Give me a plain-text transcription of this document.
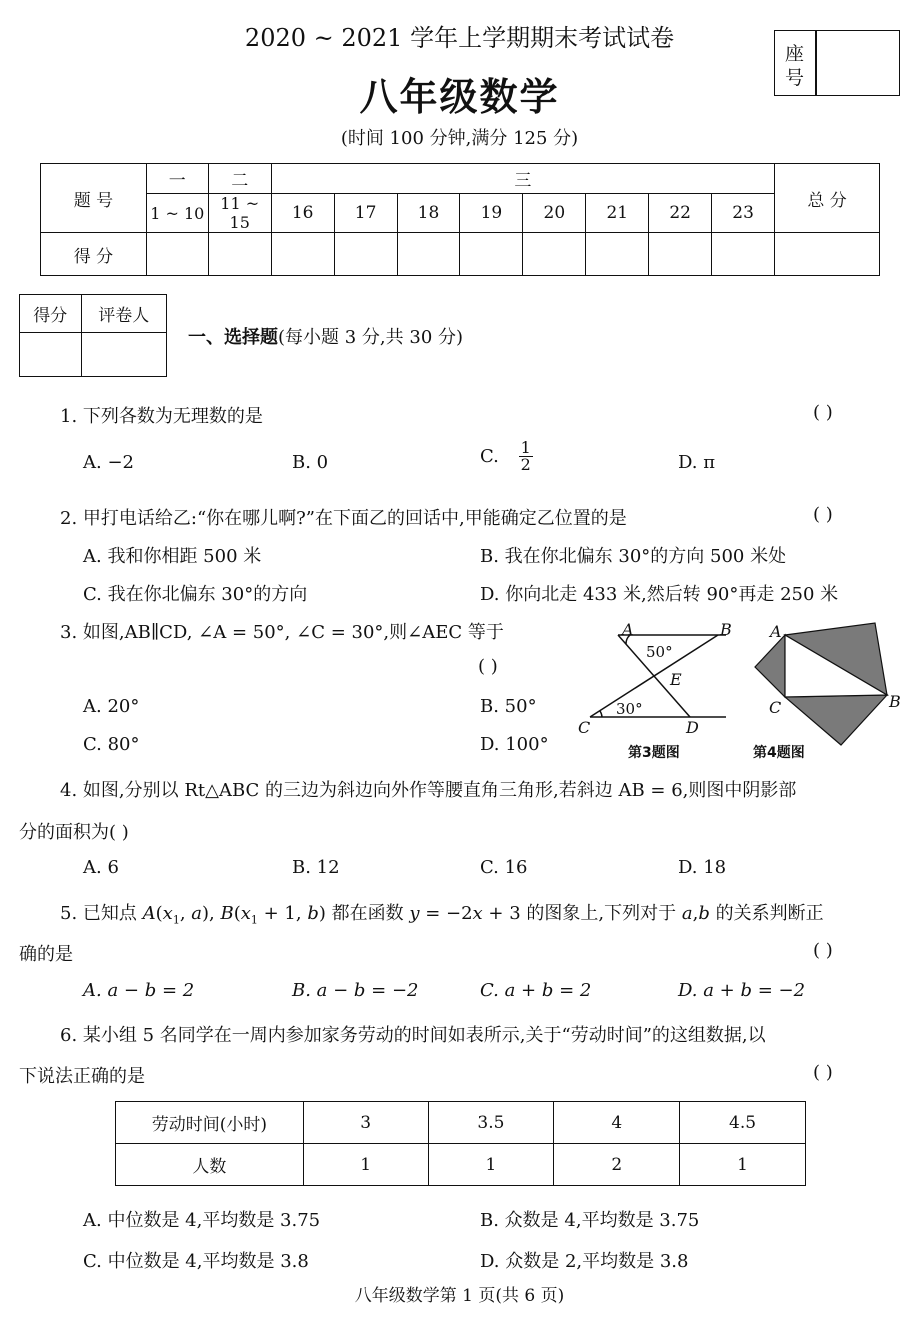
2020 ~ 2021 学年上学期期末考试试卷
八年级数学
(时间 100 分钟,满分 125 分)
座
号
题 号	一	二	三								总 分
	1 ~ 10	11 ~ 15	16	17	18	19	20	21	22	23	
得 分											
得分	评卷人

一、选择题(每小题 3 分,共 30 分)
1. 下列各数为无理数的是	( )
A. −2	B. 0	C. $\frac{1}{2}$	D. π
2. 甲打电话给乙:“你在哪儿啊?”在下面乙的回话中,甲能确定乙位置的是	( )
A. 我和你相距 500 米	B. 我在你北偏东 30°的方向 500 米处
C. 我在你北偏东 30°的方向	D. 你向北走 433 米,然后转 90°再走 250 米
3. 如图,AB∥CD, ∠A = 50°, ∠C = 30°,则∠AEC 等于
( )
A. 20°	B. 50°
C. 80°	D. 100°
A	B
C	D
E
50°
30°
第3题图
A
B
C
第4题图
4. 如图,分别以 Rt△ABC 的三边为斜边向外作等腰直角三角形,若斜边 AB = 6,则图中阴影部
分的面积为( )
A. 6	B. 12	C. 16	D. 18
5. 已知点 $A(x_1$, a), $B(x_1 + 1$, b) 都在函数 y = −2x + 3 的图象上,下列对于 a,b 的关系判断正
确的是	( )
A. a − b = 2	B. a − b = −2	C. a + b = 2	D. a + b = −2
6. 某小组 5 名同学在一周内参加家务劳动的时间如表所示,关于“劳动时间”的这组数据,以
下说法正确的是	( )
劳动时间(小时)	3	3.5	4	4.5
人数	1	1	2	1
A. 中位数是 4,平均数是 3.75	B. 众数是 4,平均数是 3.75
C. 中位数是 4,平均数是 3.8	D. 众数是 2,平均数是 3.8
八年级数学第 1 页(共 6 页)
